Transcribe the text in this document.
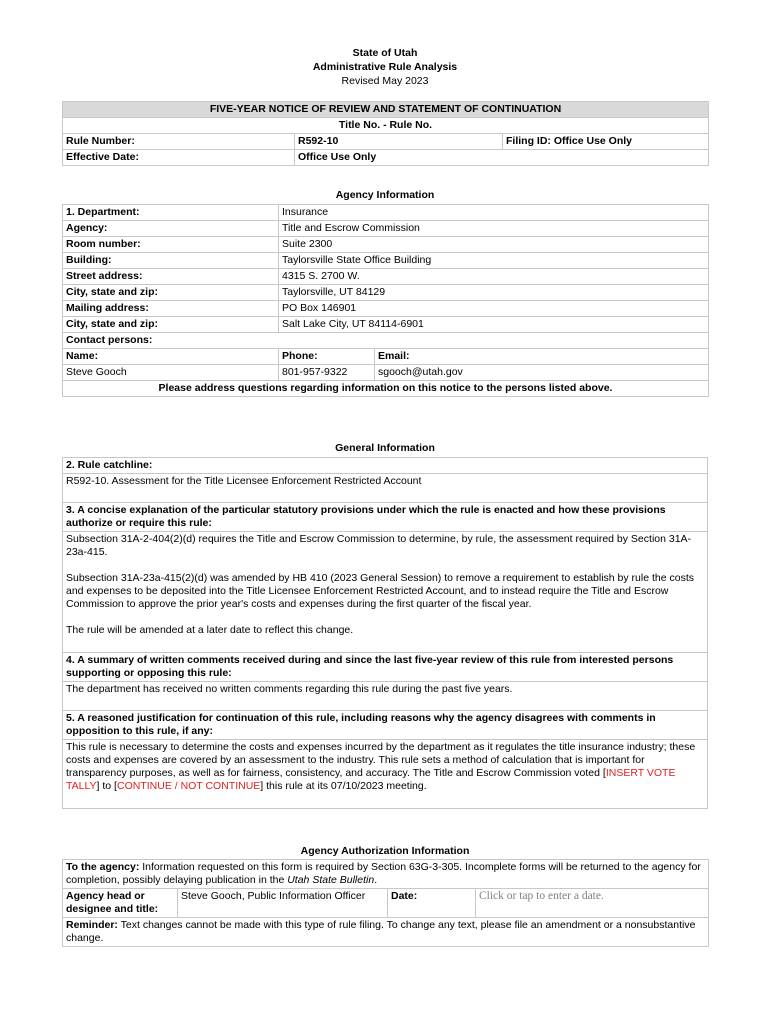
State of Utah
Administrative Rule Analysis
Revised May 2023
FIVE-YEAR NOTICE OF REVIEW AND STATEMENT OF CONTINUATION		
Title No. - Rule No.		
Rule Number:	R592-10	Filing ID: Office Use Only
Effective Date:	Office Use Only	
Agency Information
1. Department:	Insurance	
Agency:	Title and Escrow Commission	
Room number:	Suite 2300	
Building:	Taylorsville State Office Building	
Street address:	4315 S. 2700 W.	
City, state and zip:	Taylorsville, UT 84129	
Mailing address:	PO Box 146901	
City, state and zip:	Salt Lake City, UT 84114-6901	
Contact persons:		
Name:	Phone:	Email:
Steve Gooch	801-957-9322	sgooch@utah.gov
Please address questions regarding information on this notice to the persons listed above.		
General Information
2. Rule catchline:
R592-10. Assessment for the Title Licensee Enforcement Restricted Account
3. A concise explanation of the particular statutory provisions under which the rule is enacted and how these provisions authorize or require this rule:

Subsection 31A-2-404(2)(d) requires the Title and Escrow Commission to determine, by rule, the assessment required by Section 31A-23a-415.

Subsection 31A-23a-415(2)(d) was amended by HB 410 (2023 General Session) to remove a requirement to establish by rule the costs and expenses to be deposited into the Title Licensee Enforcement Restricted Account, and to instead require the Title and Escrow Commission to approve the prior year's costs and expenses during the first quarter of the fiscal year.

The rule will be amended at a later date to reflect this change.

4. A summary of written comments received during and since the last five-year review of this rule from interested persons supporting or opposing this rule:
The department has received no written comments regarding this rule during the past five years.
5. A reasoned justification for continuation of this rule, including reasons why the agency disagrees with comments in opposition to this rule, if any:
This rule is necessary to determine the costs and expenses incurred by the department as it regulates the title insurance industry; these costs and expenses are covered by an assessment to the industry. This rule sets a method of calculation that is important for transparency purposes, as well as for fairness, consistency, and accuracy. The Title and Escrow Commission voted [INSERT VOTE TALLY] to [CONTINUE / NOT CONTINUE] this rule at its 07/10/2023 meeting.
Agency Authorization Information
To the agency: Information requested on this form is required by Section 63G-3-305. Incomplete forms will be returned to the agency for completion, possibly delaying publication in the Utah State Bulletin.
Agency head or designee and title:	Steve Gooch, Public Information Officer	Date:	Click or tap to enter a date.
Reminder: Text changes cannot be made with this type of rule filing. To change any text, please file an amendment or a nonsubstantive change.
